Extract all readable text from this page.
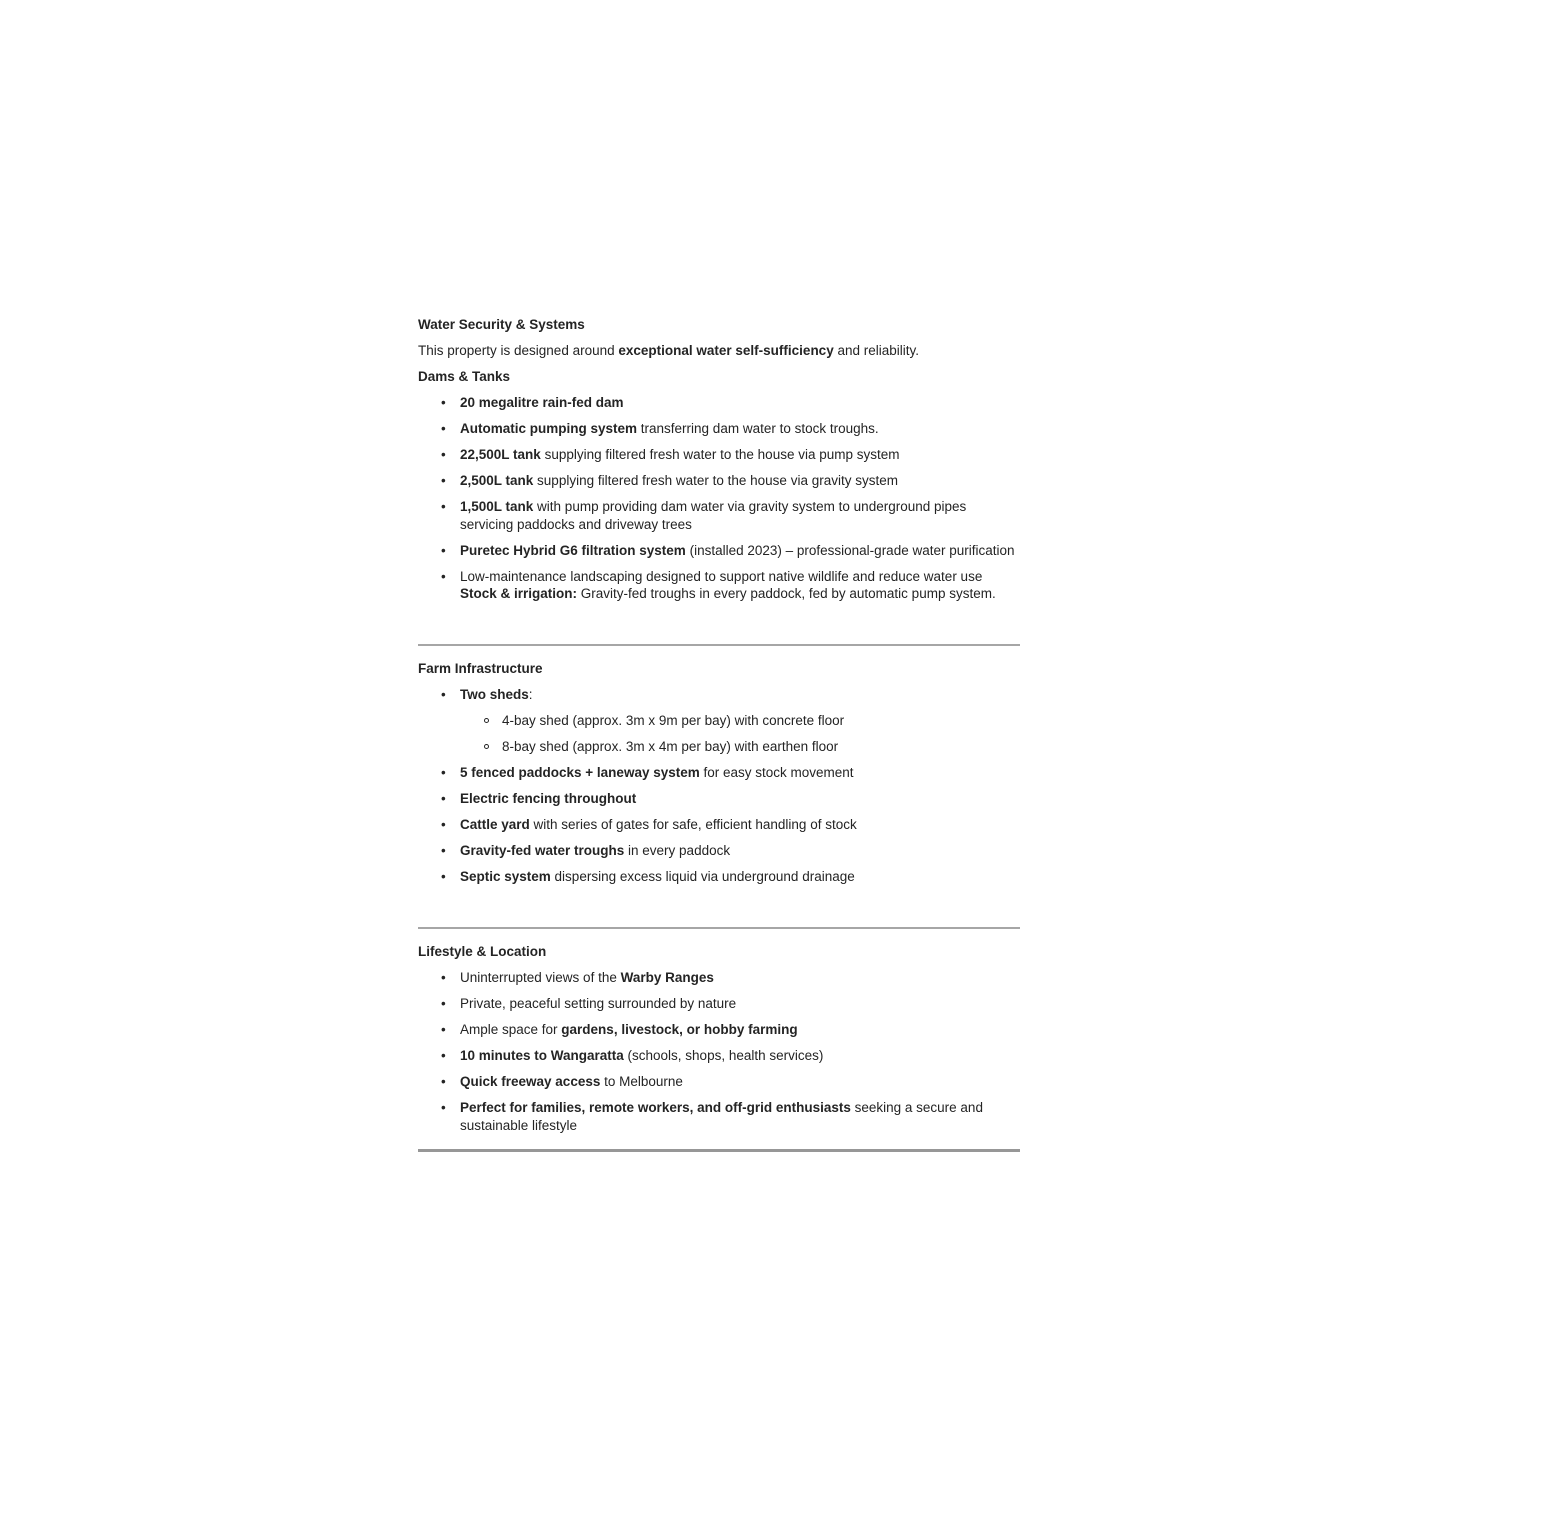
Water Security & Systems

This property is designed around exceptional water self-sufficiency and reliability.

Dams & Tanks

• 20 megalitre rain-fed dam
• Automatic pumping system transferring dam water to stock troughs.
• 22,500L tank supplying filtered fresh water to the house via pump system
• 2,500L tank supplying filtered fresh water to the house via gravity system
• 1,500L tank with pump providing dam water via gravity system to underground pipes servicing paddocks and driveway trees
• Puretec Hybrid G6 filtration system (installed 2023) – professional-grade water purification
• Low-maintenance landscaping designed to support native wildlife and reduce water use
Stock & irrigation: Gravity-fed troughs in every paddock, fed by automatic pump system.

Farm Infrastructure

• Two sheds:
4-bay shed (approx. 3m x 9m per bay) with concrete floor
8-bay shed (approx. 3m x 4m per bay) with earthen floor
• 5 fenced paddocks + laneway system for easy stock movement
• Electric fencing throughout
• Cattle yard with series of gates for safe, efficient handling of stock
• Gravity-fed water troughs in every paddock
• Septic system dispersing excess liquid via underground drainage

Lifestyle & Location

• Uninterrupted views of the Warby Ranges
• Private, peaceful setting surrounded by nature
• Ample space for gardens, livestock, or hobby farming
• 10 minutes to Wangaratta (schools, shops, health services)
• Quick freeway access to Melbourne
• Perfect for families, remote workers, and off-grid enthusiasts seeking a secure and sustainable lifestyle
